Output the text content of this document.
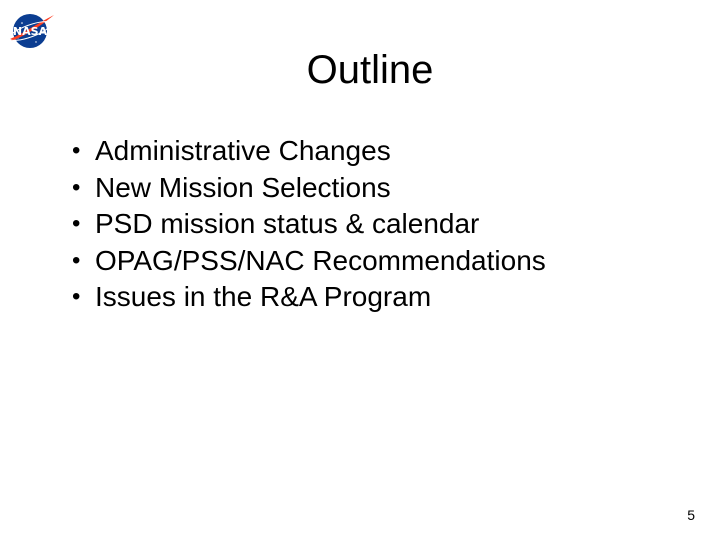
NASA
Outline
• Administrative Changes
• New Mission Selections
• PSD mission status & calendar
• OPAG/PSS/NAC Recommendations
• Issues in the R&A Program
5
